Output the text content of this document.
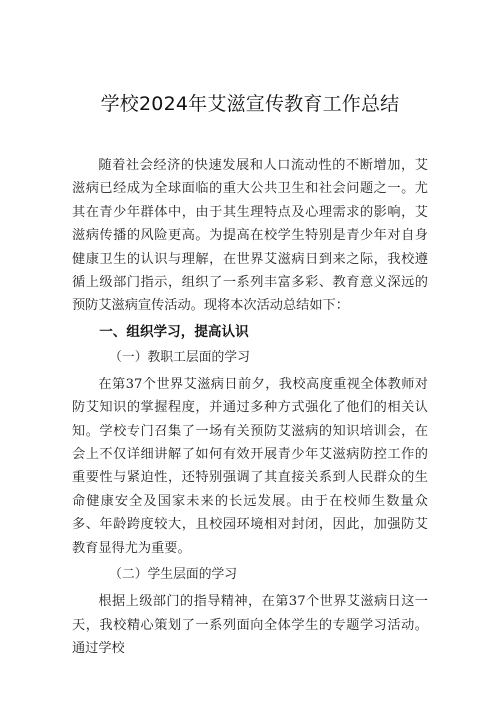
学校2024年艾滋宣传教育工作总结

随着社会经济的快速发展和人口流动性的不断增加，艾滋病已经成为全球面临的重大公共卫生和社会问题之一。尤其在青少年群体中，由于其生理特点及心理需求的影响，艾滋病传播的风险更高。为提高在校学生特别是青少年对自身健康卫生的认识与理解，在世界艾滋病日到来之际，我校遵循上级部门指示，组织了一系列丰富多彩、教育意义深远的预防艾滋病宣传活动。现将本次活动总结如下：

一、组织学习，提高认识
（一）教职工层面的学习

在第37个世界艾滋病日前夕，我校高度重视全体教师对防艾知识的掌握程度，并通过多种方式强化了他们的相关认知。学校专门召集了一场有关预防艾滋病的知识培训会，在会上不仅详细讲解了如何有效开展青少年艾滋病防控工作的重要性与紧迫性，还特别强调了其直接关系到人民群众的生命健康安全及国家未来的长远发展。由于在校师生数量众多、年龄跨度较大，且校园环境相对封闭，因此，加强防艾教育显得尤为重要。

（二）学生层面的学习

根据上级部门的指导精神，在第37个世界艾滋病日这一天，我校精心策划了一系列面向全体学生的专题学习活动。通过学校
